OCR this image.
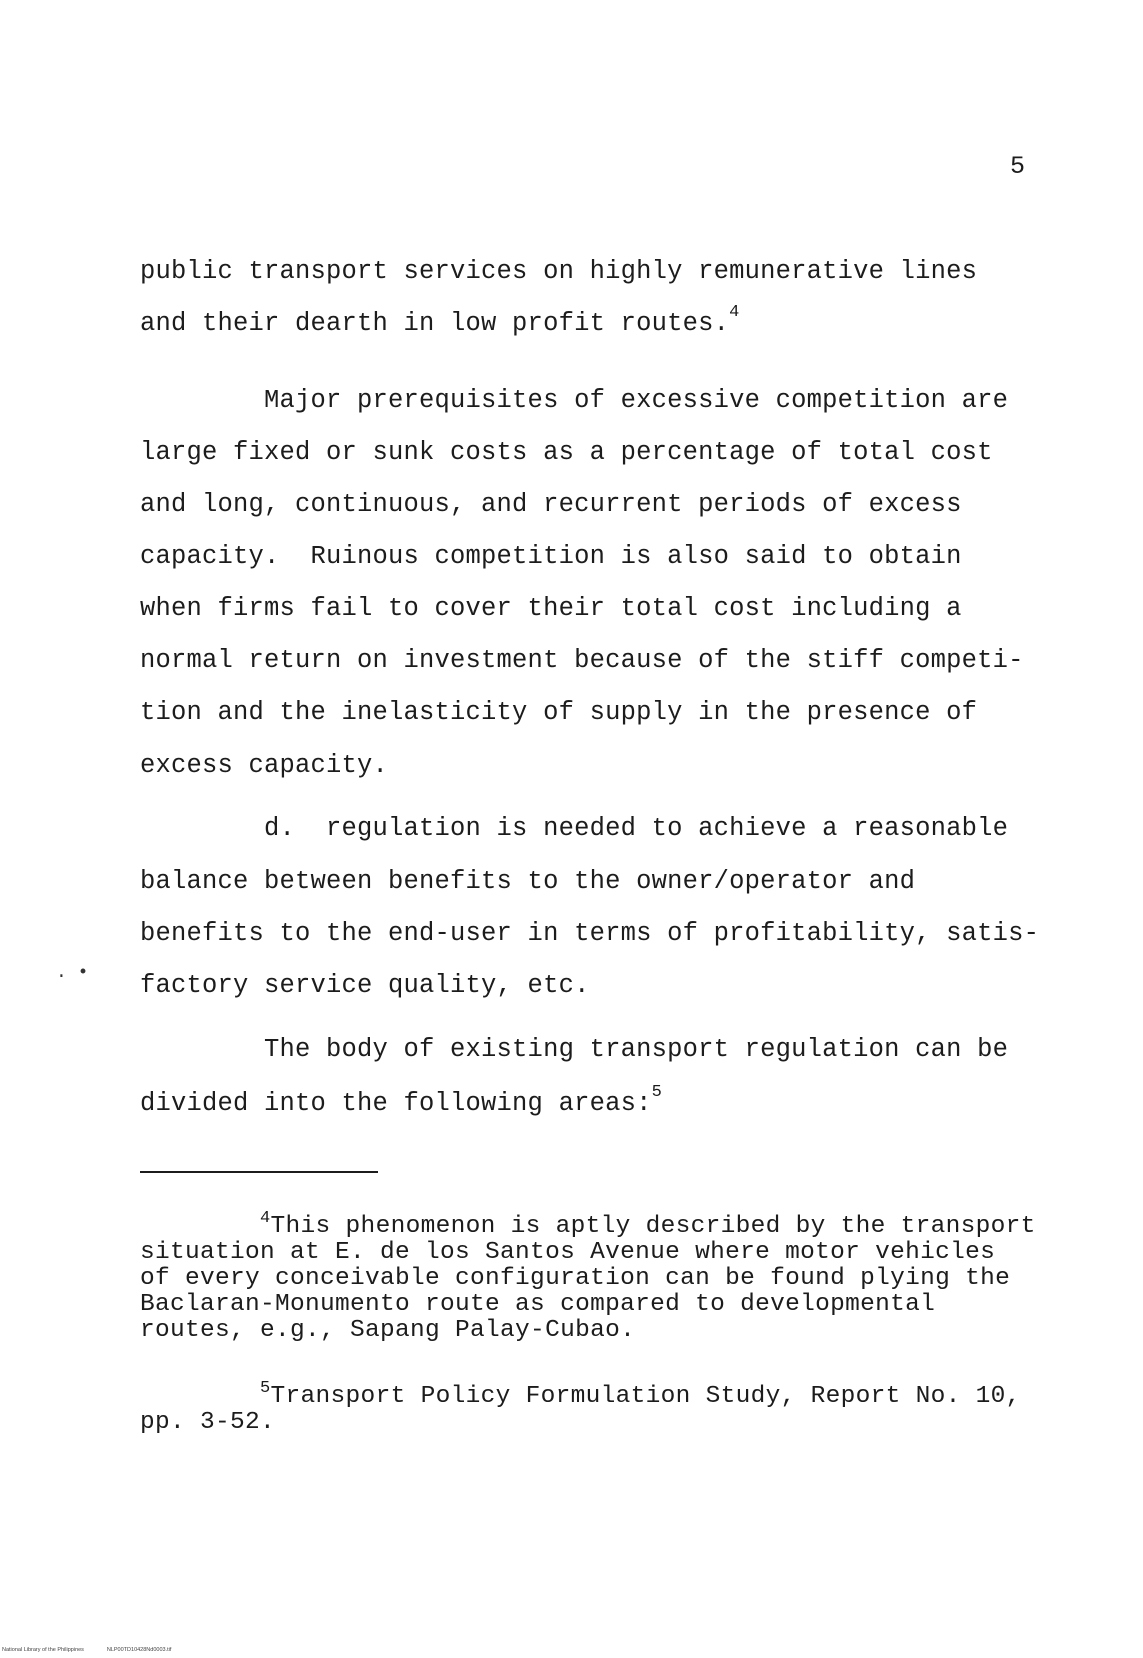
5
public transport services on highly remunerative lines
and their dearth in low profit routes.$^4$
Major prerequisites of excessive competition are
large fixed or sunk costs as a percentage of total cost
and long, continuous, and recurrent periods of excess
capacity.  Ruinous competition is also said to obtain
when firms fail to cover their total cost including a
normal return on investment because of the stiff competi-
tion and the inelasticity of supply in the presence of
excess capacity.
d.  regulation is needed to achieve a reasonable
balance between benefits to the owner/operator and
benefits to the end-user in terms of profitability, satis-
factory service quality, etc.
The body of existing transport regulation can be
divided into the following areas:$^5$
. •
$^4$This phenomenon is aptly described by the transport
situation at E. de los Santos Avenue where motor vehicles
of every conceivable configuration can be found plying the
Baclaran-Monumento route as compared to developmental
routes, e.g., Sapang Palay-Cubao.
$^5$Transport Policy Formulation Study, Report No. 10,
pp. 3-52.
National Library of the Philippines	NLP00TD10428Nd0003.tif
